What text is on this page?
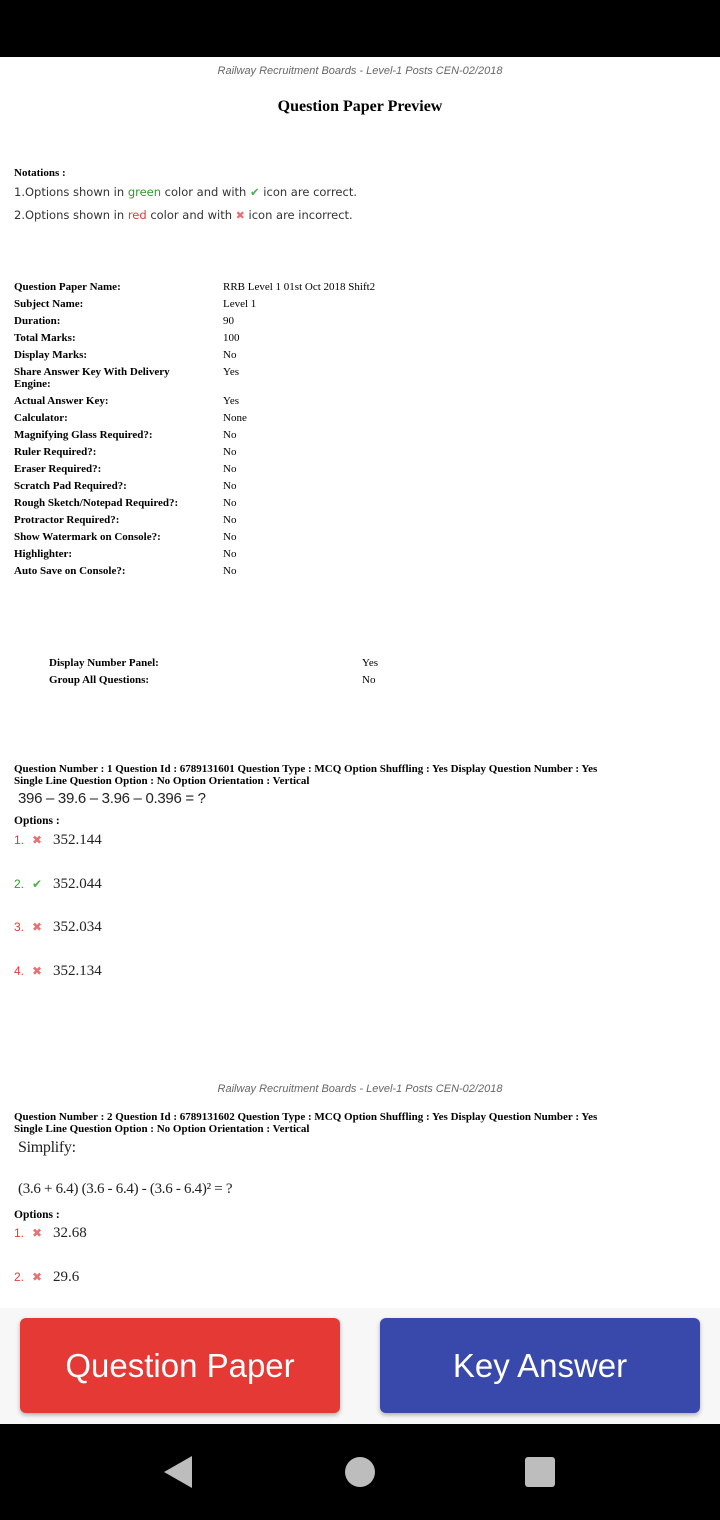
Railway Recruitment Boards - Level-1 Posts CEN-02/2018
Question Paper Preview
Notations :
1.Options shown in green color and with ✔ icon are correct.
2.Options shown in red color and with ✖ icon are incorrect.
Question Paper Name:	RRB Level 1 01st Oct 2018 Shift2
Subject Name:	Level 1
Duration:	90
Total Marks:	100
Display Marks:	No
Share Answer Key With Delivery Engine:
Yes
Actual Answer Key:	Yes
Calculator:	None
Magnifying Glass Required?:	No
Ruler Required?:	No
Eraser Required?:	No
Scratch Pad Required?:	No
Rough Sketch/Notepad Required?:	No
Protractor Required?:	No
Show Watermark on Console?:	No
Highlighter:	No
Auto Save on Console?:	No
Display Number Panel:	Yes
Group All Questions:	No
Question Number : 1 Question Id : 6789131601 Question Type : MCQ Option Shuffling : Yes Display Question Number : Yes
Single Line Question Option : No Option Orientation : Vertical
396 – 39.6 – 3.96 – 0.396 = ?
Options :
1. ✖ 352.144
2. ✔ 352.044
3. ✖ 352.034
4. ✖ 352.134
Railway Recruitment Boards - Level-1 Posts CEN-02/2018
Question Number : 2 Question Id : 6789131602 Question Type : MCQ Option Shuffling : Yes Display Question Number : Yes
Single Line Question Option : No Option Orientation : Vertical
Simplify:
(3.6 + 6.4) (3.6 - 6.4) - (3.6 - 6.4)² = ?
Options :
1. ✖ 32.68
2. ✖ 29.6
Question Paper	Key Answer
